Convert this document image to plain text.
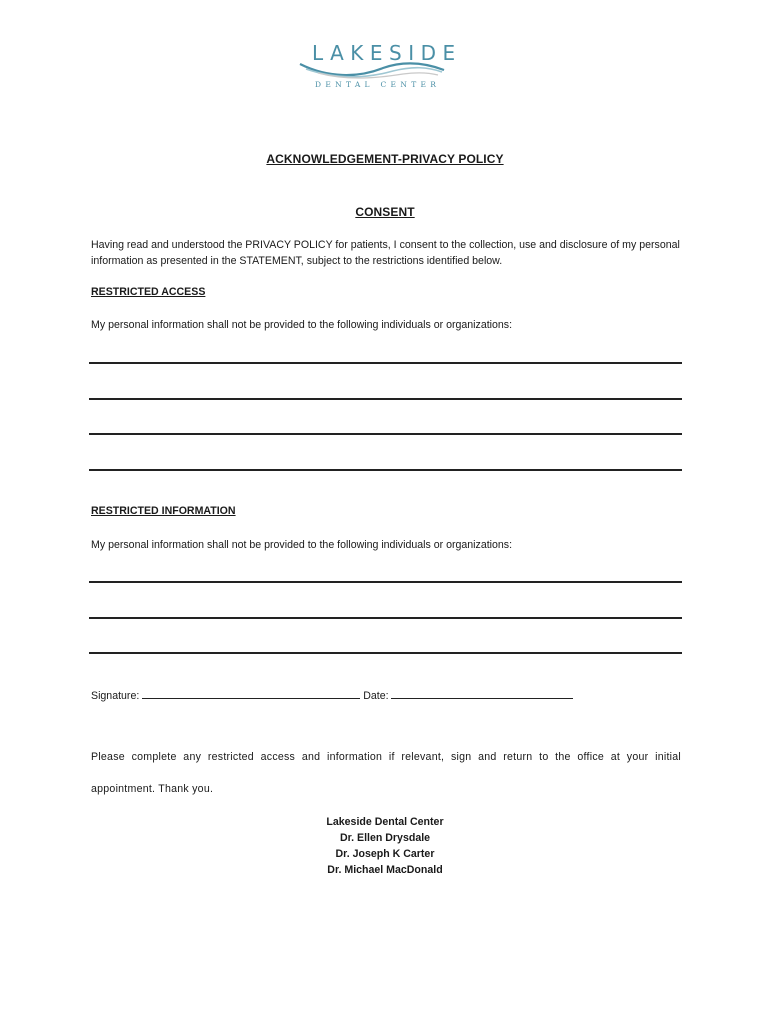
LAKESIDE
DENTAL CENTER
ACKNOWLEDGEMENT-PRIVACY POLICY
CONSENT
Having read and understood the PRIVACY POLICY for patients, I consent to the collection, use and disclosure of my personal information as presented in the STATEMENT, subject to the restrictions identified below.
RESTRICTED ACCESS
My personal information shall not be provided to the following individuals or organizations:
RESTRICTED INFORMATION
My personal information shall not be provided to the following individuals or organizations:
Signature:	Date:
Please complete any restricted access and information if relevant, sign and return to the office at your initial
appointment. Thank you.
Lakeside Dental Center
Dr. Ellen Drysdale
Dr. Joseph K Carter
Dr. Michael MacDonald
